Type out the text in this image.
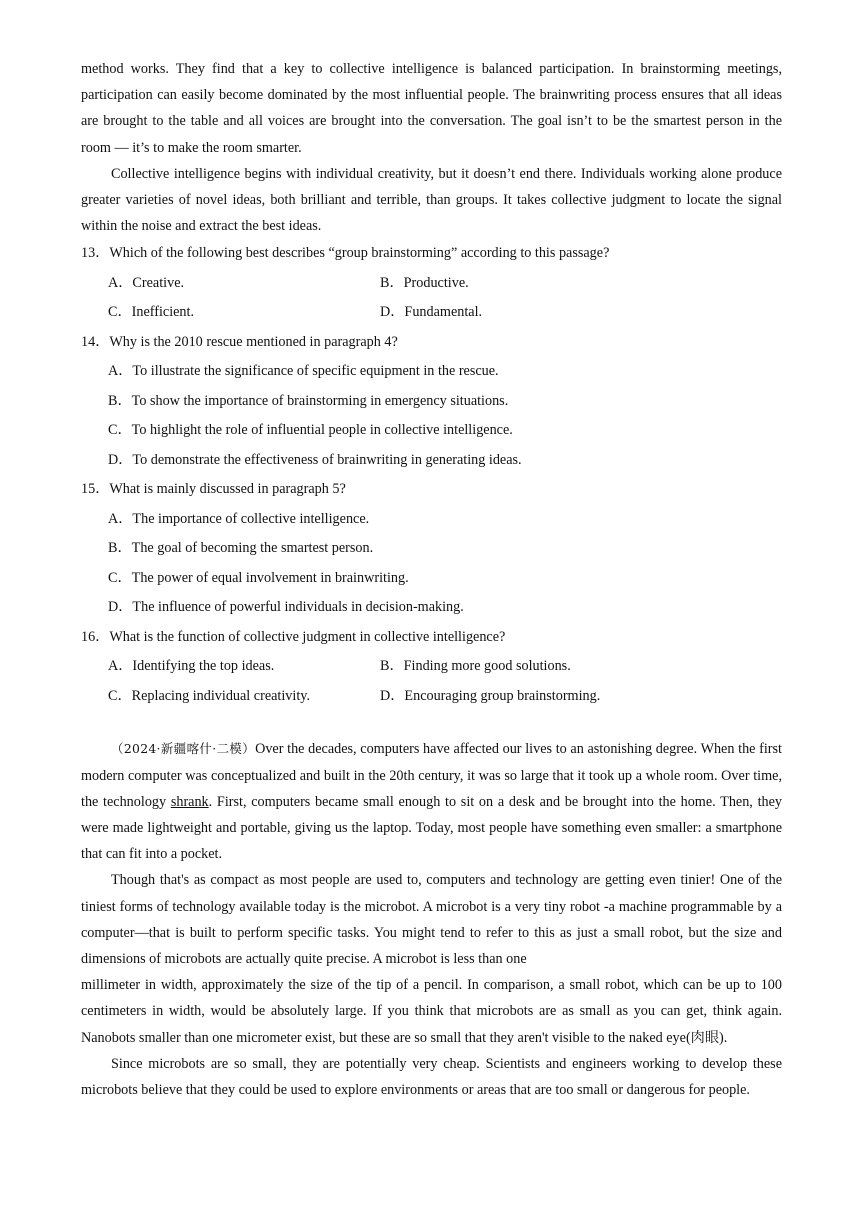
method works. They find that a key to collective intelligence is balanced participation. In brainstorming meetings, participation can easily become dominated by the most influential people. The brainwriting process ensures that all ideas are brought to the table and all voices are brought into the conversation. The goal isn’t to be the smartest person in the room — it’s to make the room smarter.

Collective intelligence begins with individual creativity, but it doesn’t end there. Individuals working alone produce greater varieties of novel ideas, both brilliant and terrible, than groups. It takes collective judgment to locate the signal within the noise and extract the best ideas.

13．Which of the following best describes “group brainstorming” according to this passage?

A．Creative.	B．Productive.
C．Inefficient.	D．Fundamental.

14．Why is the 2010 rescue mentioned in paragraph 4?

A．To illustrate the significance of specific equipment in the rescue.
B．To show the importance of brainstorming in emergency situations.
C．To highlight the role of influential people in collective intelligence.
D．To demonstrate the effectiveness of brainwriting in generating ideas.

15．What is mainly discussed in paragraph 5?

A．The importance of collective intelligence.
B．The goal of becoming the smartest person.
C．The power of equal involvement in brainwriting.
D．The influence of powerful individuals in decision-making.

16．What is the function of collective judgment in collective intelligence?

A．Identifying the top ideas.	B．Finding more good solutions.
C．Replacing individual creativity.	D．Encouraging group brainstorming.

（2024·新疆喀什·二模）Over the decades, computers have affected our lives to an astonishing degree. When the first modern computer was conceptualized and built in the 20th century, it was so large that it took up a whole room. Over time, the technology shrank. First, computers became small enough to sit on a desk and be brought into the home. Then, they were made lightweight and portable, giving us the laptop. Today, most people have something even smaller: a smartphone that can fit into a pocket.

Though that's as compact as most people are used to, computers and technology are getting even tinier! One of the tiniest forms of technology available today is the microbot. A microbot is a very tiny robot -a machine programmable by a computer—that is built to perform specific tasks. You might tend to refer to this as just a small robot, but the size and dimensions of microbots are actually quite precise. A microbot is less than one

millimeter in width, approximately the size of the tip of a pencil. In comparison, a small robot, which can be up to 100 centimeters in width, would be absolutely large. If you think that microbots are as small as you can get, think again. Nanobots smaller than one micrometer exist, but these are so small that they aren't visible to the naked eye(肉眼).

Since microbots are so small, they are potentially very cheap. Scientists and engineers working to develop these microbots believe that they could be used to explore environments or areas that are too small or dangerous for people.
